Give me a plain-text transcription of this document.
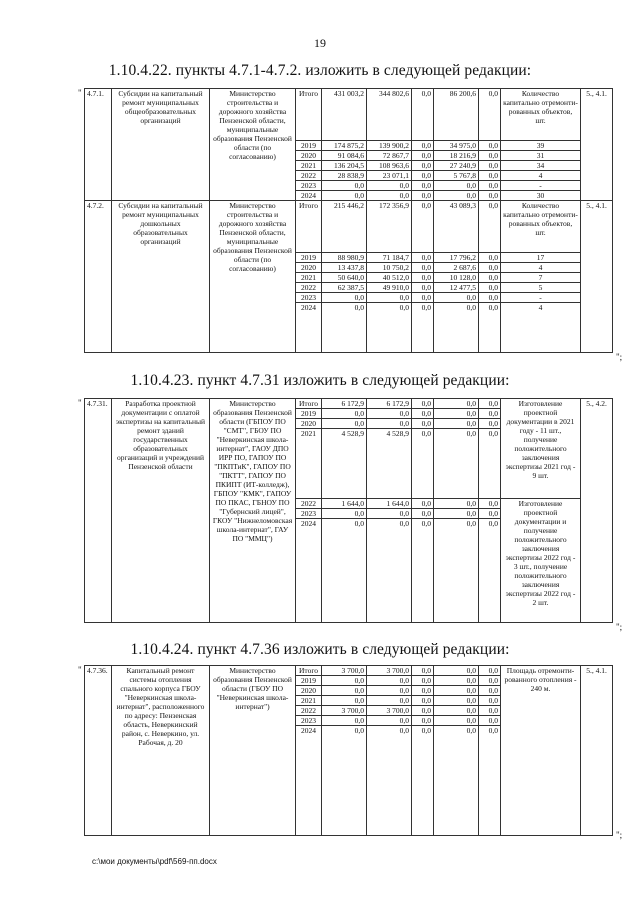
19
1.10.4.22. пункты 4.7.1-4.7.2. изложить в следующей редакции:
"
";
4.7.1.	Субсидии на капитальный ремонт муниципальных общеобразовательных организаций	Министерство строительства и дорожного хозяйства Пензенской области, муниципальные образования Пензенской области (по согласованию)	Итого	431 003,2	344 802,6	0,0	86 200,6	0,0	Количество капитально отремонти-рованных объектов, шт.	5., 4.1.
			2019	174 875,2	139 900,2	0,0	34 975,0	0,0	39	
			2020	91 084,6	72 867,7	0,0	18 216,9	0,0	31	
			2021	136 204,5	108 963,6	0,0	27 240,9	0,0	34	
			2022	28 838,9	23 071,1	0,0	5 767,8	0,0	4	
			2023	0,0	0,0	0,0	0,0	0,0	-	
			2024	0,0	0,0	0,0	0,0	0,0	30	
4.7.2.	Субсидии на капитальный ремонт муниципальных дошкольных образовательных организаций	Министерство строительства и дорожного хозяйства Пензенской области, муниципальные образования Пензенской области (по согласованию)	Итого	215 446,2	172 356,9	0,0	43 089,3	0,0	Количество капитально отремонти-рованных объектов, шт.	5., 4.1.
			2019	88 980,9	71 184,7	0,0	17 796,2	0,0	17	
			2020	13 437,8	10 750,2	0,0	2 687,6	0,0	4	
			2021	50 640,0	40 512,0	0,0	10 128,0	0,0	7	
			2022	62 387,5	49 910,0	0,0	12 477,5	0,0	5	
			2023	0,0	0,0	0,0	0,0	0,0	-	
			2024	0,0	0,0	0,0	0,0	0,0	4	
1.10.4.23. пункт 4.7.31 изложить в следующей редакции:
"
";
4.7.31.	Разработка проектной документации с оплатой экспертизы на капитальный ремонт зданий государственных образовательных организаций и учреждений Пензенской области	Министерство образования Пензенской области (ГБПОУ ПО "СМТ", ГБОУ ПО "Неверкинская школа-интернат", ГАОУ ДПО ИРР ПО, ГАПОУ ПО "ПКПТиК", ГАПОУ ПО "ПКТТ", ГАПОУ ПО ПКИПТ (ИТ-колледж), ГБПОУ "КМК", ГАПОУ ПО ПКАС, ГБНОУ ПО "Губернский лицей", ГКОУ "Нижнеломовская школа-интернат", ГАУ ПО "ММЦ")	Итого	6 172,9	6 172,9	0,0	0,0	0,0	Изготовление проектной документации в 2021 году - 11 шт., получение положительного заключения экспертизы 2021 год - 9 шт.	5., 4.2.
			2019	0,0	0,0	0,0	0,0	0,0		
			2020	0,0	0,0	0,0	0,0	0,0		
			2021	4 528,9	4 528,9	0,0	0,0	0,0		
			2022	1 644,0	1 644,0	0,0	0,0	0,0	Изготовление проектной документации и получение положительного заключения экспертизы 2022 год - 3 шт., получение положительного заключения экспертизы 2022 год - 2 шт.	
			2023	0,0	0,0	0,0	0,0	0,0		
			2024	0,0	0,0	0,0	0,0	0,0		
1.10.4.24. пункт 4.7.36 изложить в следующей редакции:
"
";
4.7.36.	Капитальный ремонт системы отопления спального корпуса ГБОУ "Неверкинская школа-интернат", расположенного по адресу: Пензенская область, Неверкинский район, с. Неверкино, ул. Рабочая, д. 20	Министерство образования Пензенской области (ГБОУ ПО "Неверкинская школа-интернат")	Итого	3 700,0	3 700,0	0,0	0,0	0,0	Площадь отремонти-рованного отопления - 240 м.	5., 4.1.
			2019	0,0	0,0	0,0	0,0	0,0		
			2020	0,0	0,0	0,0	0,0	0,0		
			2021	0,0	0,0	0,0	0,0	0,0		
			2022	3 700,0	3 700,0	0,0	0,0	0,0		
			2023	0,0	0,0	0,0	0,0	0,0		
			2024	0,0	0,0	0,0	0,0	0,0		
c:\мои документы\pdf\569-пп.docx
